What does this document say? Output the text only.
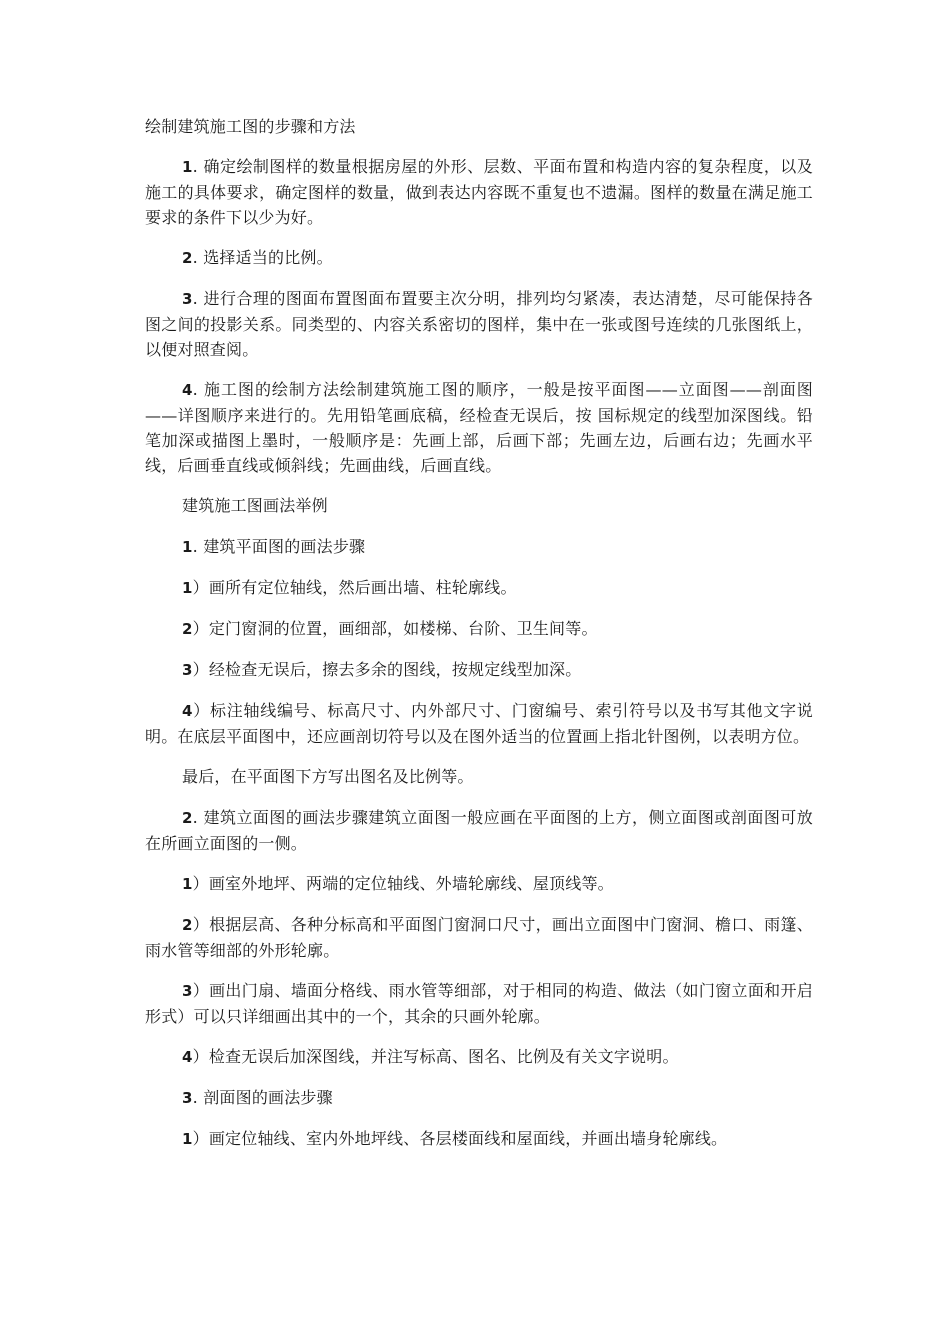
绘制建筑施工图的步骤和方法

1. 确定绘制图样的数量根据房屋的外形、层数、平面布置和构造内容的复杂程度，以及施工的具体要求，确定图样的数量，做到表达内容既不重复也不遗漏。图样的数量在满足施工要求的条件下以少为好。

2. 选择适当的比例。

3. 进行合理的图面布置图面布置要主次分明，排列均匀紧凑，表达清楚，尽可能保持各图之间的投影关系。同类型的、内容关系密切的图样，集中在一张或图号连续的几张图纸上，以便对照查阅。

4. 施工图的绘制方法绘制建筑施工图的顺序，一般是按平面图——立面图——剖面图——详图顺序来进行的。先用铅笔画底稿，经检查无误后，按 国标规定的线型加深图线。铅笔加深或描图上墨时，一般顺序是：先画上部，后画下部；先画左边，后画右边；先画水平线，后画垂直线或倾斜线；先画曲线，后画直线。

建筑施工图画法举例

1. 建筑平面图的画法步骤

1）画所有定位轴线，然后画出墙、柱轮廓线。

2）定门窗洞的位置，画细部，如楼梯、台阶、卫生间等。

3）经检查无误后，擦去多余的图线，按规定线型加深。

4）标注轴线编号、标高尺寸、内外部尺寸、门窗编号、索引符号以及书写其他文字说明。在底层平面图中，还应画剖切符号以及在图外适当的位置画上指北针图例，以表明方位。

最后，在平面图下方写出图名及比例等。

2. 建筑立面图的画法步骤建筑立面图一般应画在平面图的上方，侧立面图或剖面图可放在所画立面图的一侧。

1）画室外地坪、两端的定位轴线、外墙轮廓线、屋顶线等。

2）根据层高、各种分标高和平面图门窗洞口尺寸，画出立面图中门窗洞、檐口、雨篷、雨水管等细部的外形轮廓。

3）画出门扇、墙面分格线、雨水管等细部，对于相同的构造、做法（如门窗立面和开启形式）可以只详细画出其中的一个，其余的只画外轮廓。

4）检查无误后加深图线，并注写标高、图名、比例及有关文字说明。

3. 剖面图的画法步骤

1）画定位轴线、室内外地坪线、各层楼面线和屋面线，并画出墙身轮廓线。
